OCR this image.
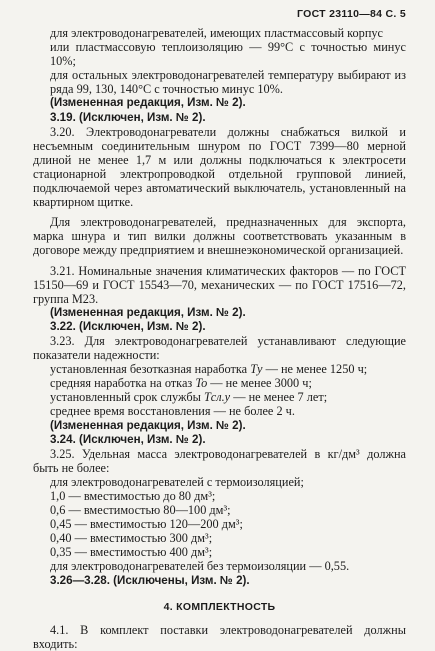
ГОСТ 23110—84 С. 5

для электроводонагревателей, имеющих пластмассовый корпус

или пластмассовую теплоизоляцию — 99°С с точностью минус 10%;

для остальных электроводонагревателей температуру выбирают из ряда 99, 130, 140°С с точностью минус 10%.

(Измененная редакция, Изм. № 2).

3.19. (Исключен, Изм. № 2).

3.20. Электроводонагреватели должны снабжаться вилкой и несъемным соединительным шнуром по ГОСТ 7399—80 мерной длиной не менее 1,7 м или должны подключаться к электросети стационарной электропроводкой отдельной групповой линией, подключаемой через автоматический выключатель, установленный на квартирном щитке.

Для электроводонагревателей, предназначенных для экспорта, марка шнура и тип вилки должны соответствовать указанным в договоре между предприятием и внешнеэкономической организацией.

3.21. Номинальные значения климатических факторов — по ГОСТ 15150—69 и ГОСТ 15543—70, механических — по ГОСТ 17516—72, группа М23.

(Измененная редакция, Изм. № 2).

3.22. (Исключен, Изм. № 2).

3.23. Для электроводонагревателей устанавливают следующие показатели надежности:

установленная безотказная наработка Tу — не менее 1250 ч;

средняя наработка на отказ To — не менее 3000 ч;

установленный срок службы Tсл.у — не менее 7 лет;

среднее время восстановления — не более 2 ч.

(Измененная редакция, Изм. № 2).

3.24. (Исключен, Изм. № 2).

3.25. Удельная масса электроводонагревателей в кг/дм³ должна быть не более:

для электроводонагревателей с термоизоляцией;

1,0 — вместимостью до 80 дм³;

0,6 — вместимостью 80—100 дм³;

0,45 — вместимостью 120—200 дм³;

0,40 — вместимостью 300 дм³;

0,35 — вместимостью 400 дм³;

для электроводонагревателей без термоизоляции — 0,55.

3.26—3.28. (Исключены, Изм. № 2).

4. КОМПЛЕКТНОСТЬ

4.1. В комплект поставки электроводонагревателей должны входить:
